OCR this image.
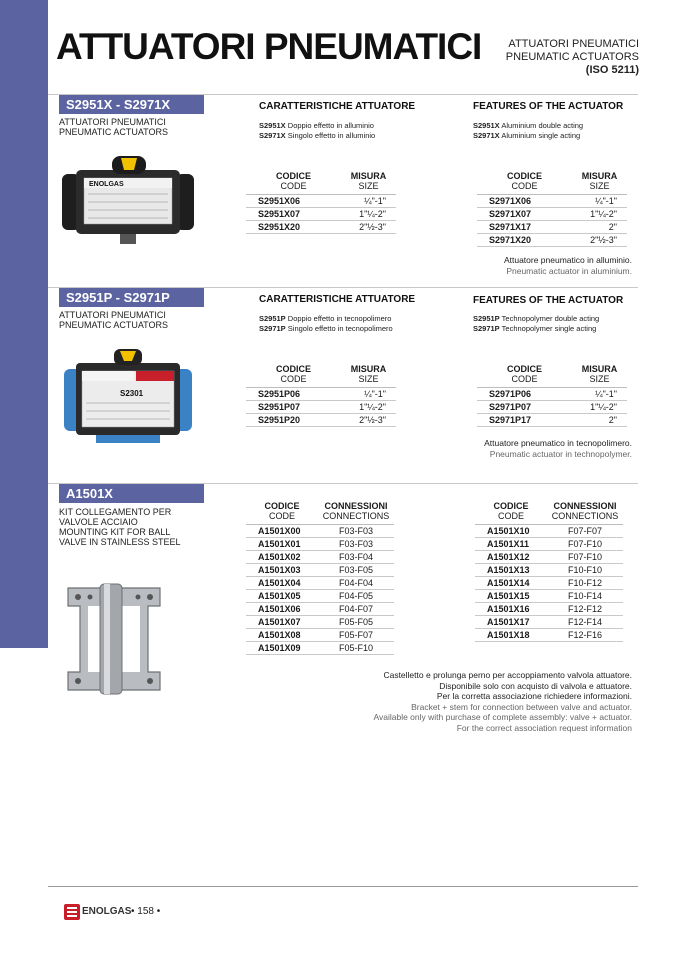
ATTUATORI PNEUMATICI ATTUATORI PNEUMATICI
PNEUMATIC ACTUATORS
(ISO 5211)
S2951X - S2971X
ATTUATORI PNEUMATICI
PNEUMATIC ACTUATORS
ENOLGAS
CARATTERISTICHE ATTUATORE
S2951X Doppio effetto in alluminio
S2971X Singolo effetto in alluminio
FEATURES OF THE ACTUATOR
S2951X Aluminium double acting
S2971X Aluminium single acting
CODICE
CODE	MISURA
SIZE
S2951X06	¼"-1"
S2951X07	1"¼-2"
S2951X20	2"½-3"
CODICE
CODE	MISURA
SIZE
S2971X06	¼"-1"
S2971X07	1"¼-2"
S2971X17	2"
S2971X20	2"½-3"
Attuatore pneumatico in alluminio.
Pneumatic actuator in aluminium.
S2951P - S2971P
ATTUATORI PNEUMATICI
PNEUMATIC ACTUATORS
S2301
CARATTERISTICHE ATTUATORE
S2951P Doppio effetto in tecnopolimero
S2971P Singolo effetto in tecnopolimero
FEATURES OF THE ACTUATOR
S2951P Technopolymer double acting
S2971P Technopolymer single acting
CODICE
CODE	MISURA
SIZE
S2951P06	¼"-1"
S2951P07	1"¼-2"
S2951P20	2"½-3"
CODICE
CODE	MISURA
SIZE
S2971P06	¼"-1"
S2971P07	1"¼-2"
S2971P17	2"
Attuatore pneumatico in tecnopolimero.
Pneumatic actuator in technopolymer.
A1501X
KIT COLLEGAMENTO PER
VALVOLE ACCIAIO
MOUNTING KIT FOR BALL
VALVE IN STAINLESS STEEL
CODICE
CODE	CONNESSIONI
CONNECTIONS
A1501X00	F03-F03
A1501X01	F03-F03
A1501X02	F03-F04
A1501X03	F03-F05
A1501X04	F04-F04
A1501X05	F04-F05
A1501X06	F04-F07
A1501X07	F05-F05
A1501X08	F05-F07
A1501X09	F05-F10
CODICE
CODE	CONNESSIONI
CONNECTIONS
A1501X10	F07-F07
A1501X11	F07-F10
A1501X12	F07-F10
A1501X13	F10-F10
A1501X14	F10-F12
A1501X15	F10-F14
A1501X16	F12-F12
A1501X17	F12-F14
A1501X18	F12-F16
Castelletto e prolunga perno per accoppiamento valvola attuatore.
Disponibile solo con acquisto di valvola e attuatore.
Per la corretta associazione richiedere informazioni.
Bracket + stem for connection between valve and actuator.
Available only with purchase of complete assembly: valve + actuator.
For the correct association request information
ENOLGAS • 158 •
